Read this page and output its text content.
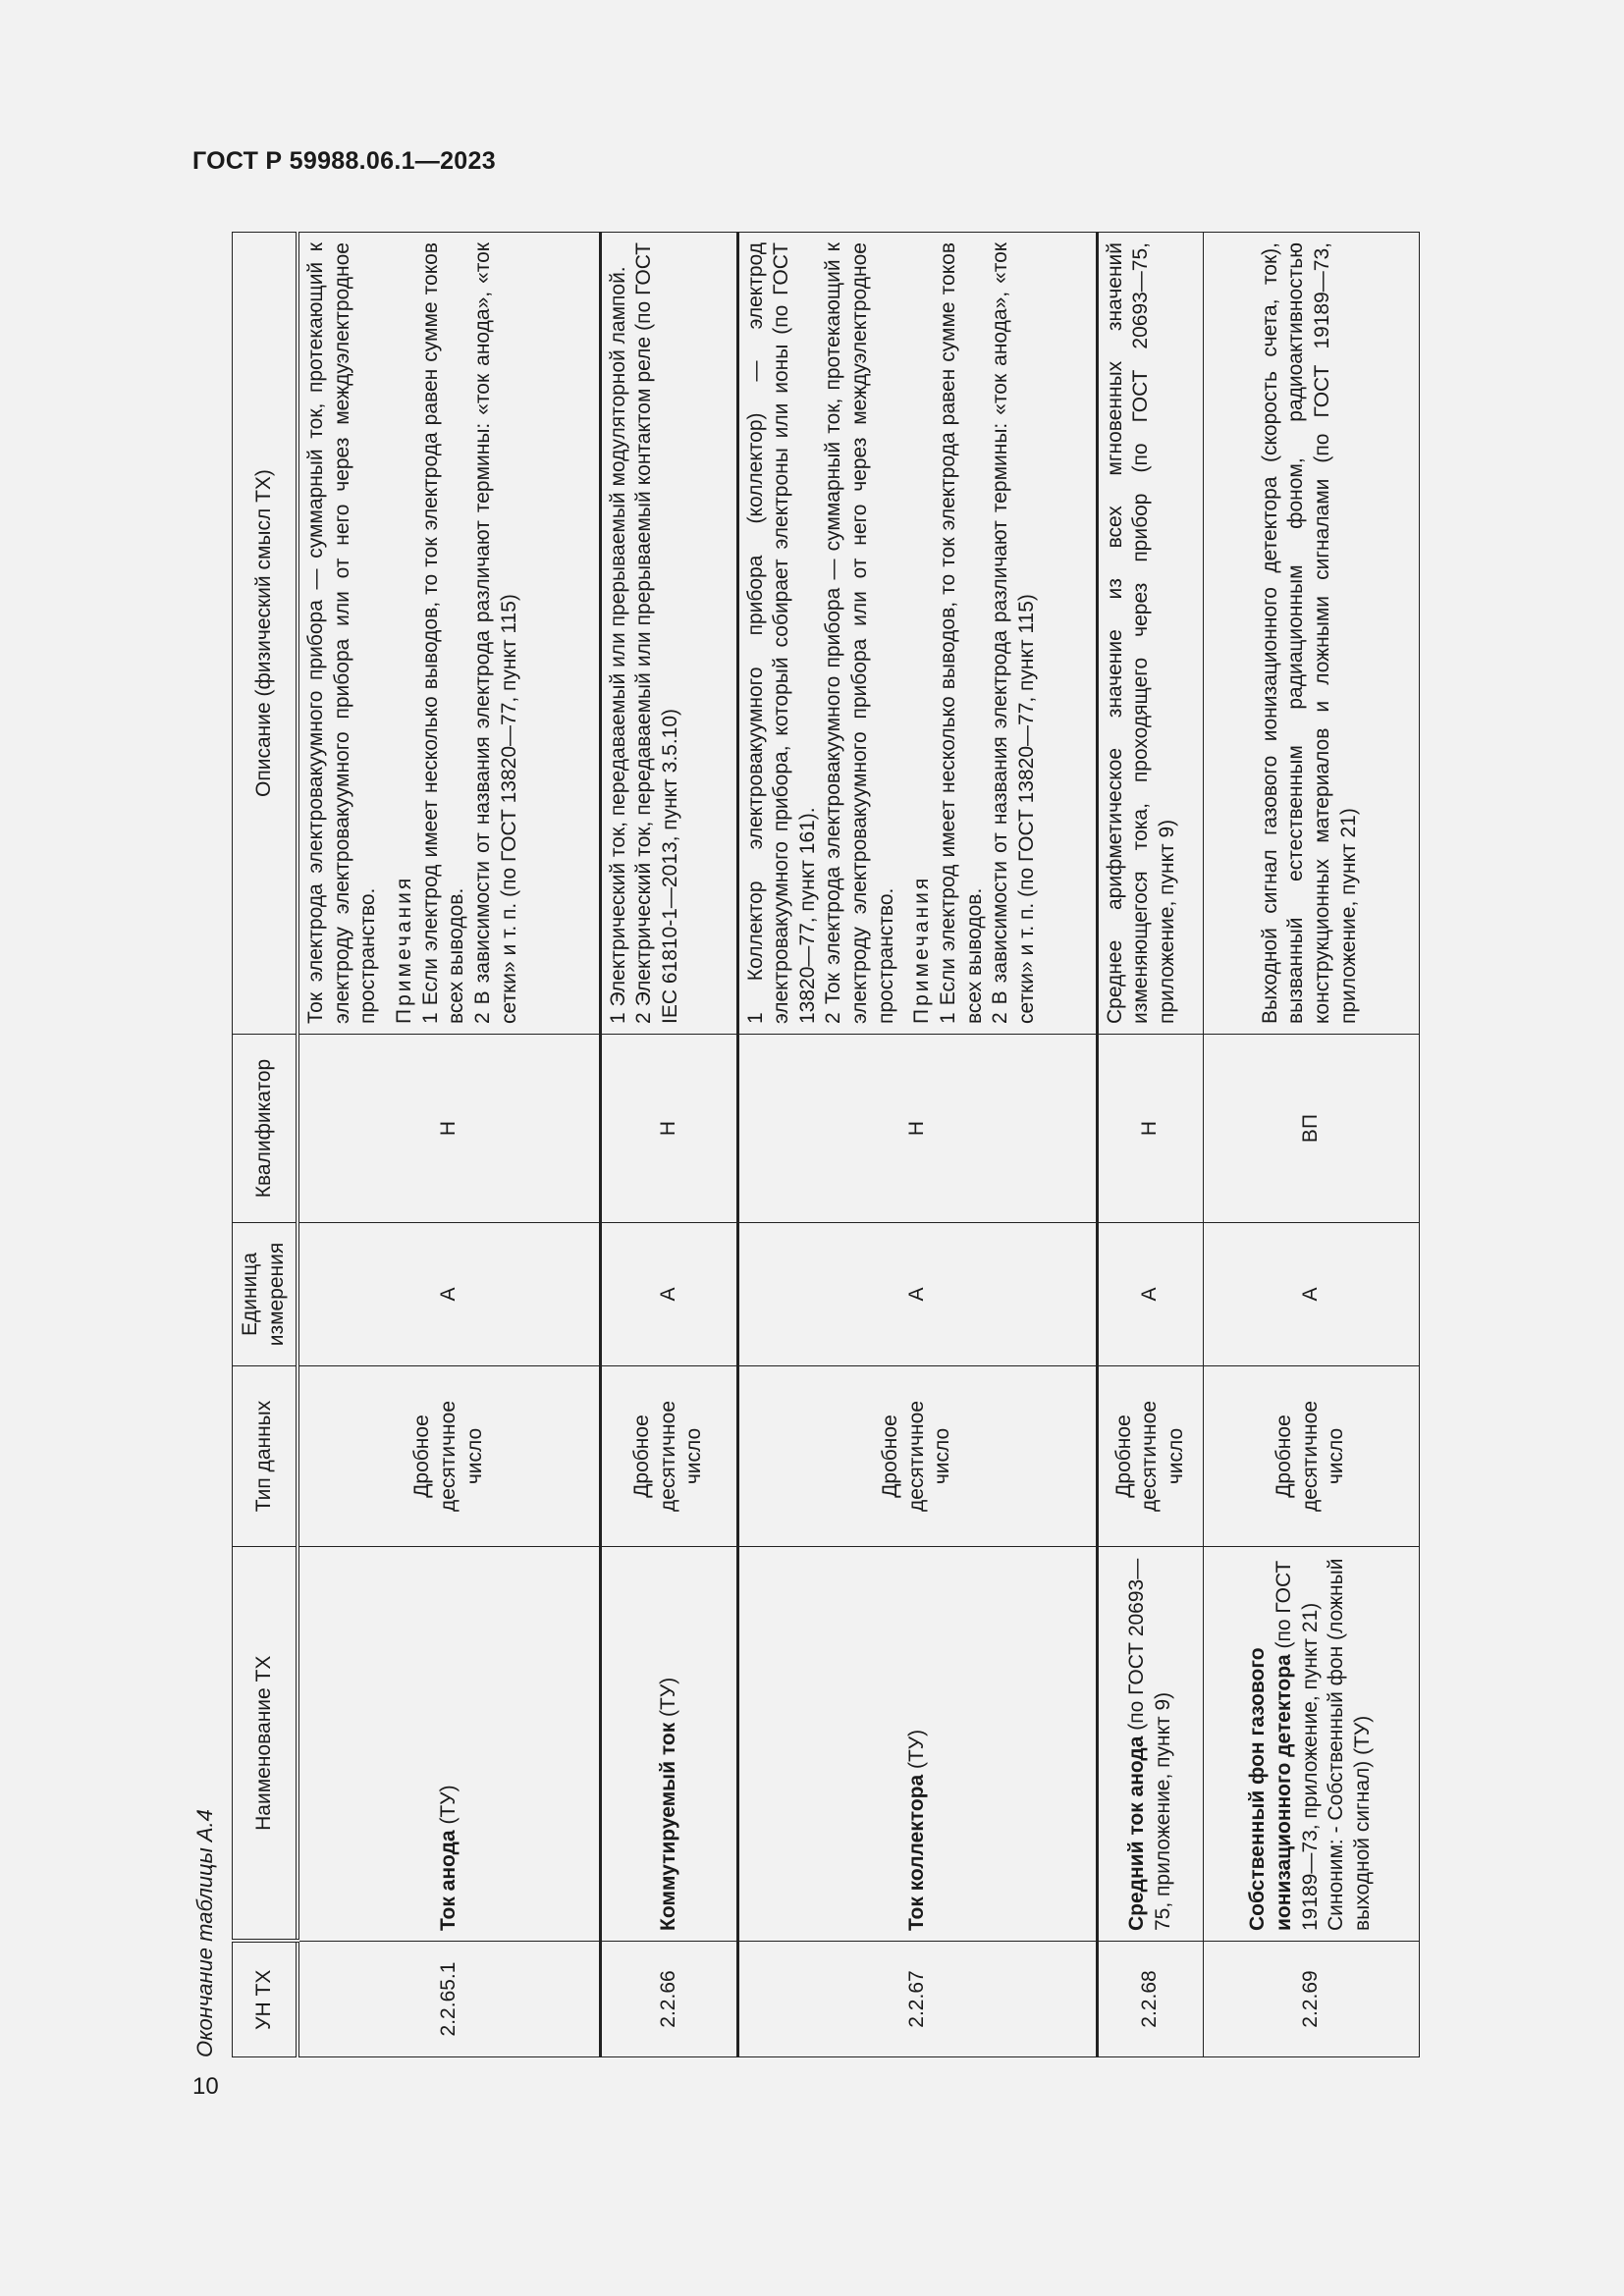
ГОСТ Р 59988.06.1—2023
Окончание таблицы А.4 УН ТХ	Наименование ТХ	Тип данных	Единица измерения	Квалификатор	Описание (физический смысл ТХ)
2.2.65.1	Ток анода (ТУ)	Дробное десятичное число	А	Н	Ток электрода электровакуумного прибора — суммарный ток, протекающий к электроду электровакуумного прибора или от него через междуэлектродное пространство. Примечания 1 Если электрод имеет несколько выводов, то ток электрода равен сумме токов всех выводов. 2 В зависимости от названия электрода различают термины: «ток анода», «ток сетки» и т. п. (по ГОСТ 13820—77, пункт 115)

2.2.66	Коммутируемый ток (ТУ)	Дробное десятичное число	А	Н	1 Электрический ток, передаваемый или прерываемый модуляторной лампой. 2 Электрический ток, передаваемый или прерываемый контактом реле (по ГОСТ IEC 61810-1—2013, пункт 3.5.10)

2.2.67	Ток коллектора (ТУ)	Дробное десятичное число	А	Н	1 Коллектор электровакуумного прибора (коллектор) — электрод электровакуумного прибора, который собирает электроны или ионы (по ГОСТ 13820—77, пункт 161). 2 Ток электрода электровакуумного прибора — суммарный ток, протекающий к электроду электровакуумного прибора или от него через междуэлектродное пространство. Примечания 1 Если электрод имеет несколько выводов, то ток электрода равен сумме токов всех выводов. 2 В зависимости от названия электрода различают термины: «ток анода», «ток сетки» и т. п. (по ГОСТ 13820—77, пункт 115)

2.2.68	Средний ток анода (по ГОСТ 20693—75, приложение, пункт 9)	Дробное десятичное число	А	Н	Среднее арифметическое значение из всех мгновенных значений изменяющегося тока, проходящего через прибор (по ГОСТ 20693—75, приложение, пункт 9)

2.2.69	Собственный фон газового ионизационного детектора (по ГОСТ 19189—73, приложение, пункт 21) Синоним: - Собственный фон (ложный выходной сигнал) (ТУ)	Дробное десятичное число	А	ВП	Выходной сигнал газового ионизационного детектора (скорость счета, ток), вызванный естественным радиационным фоном, радиоактивностью конструкционных материалов и ложными сигналами (по ГОСТ 19189—73, приложение, пункт 21)

10
